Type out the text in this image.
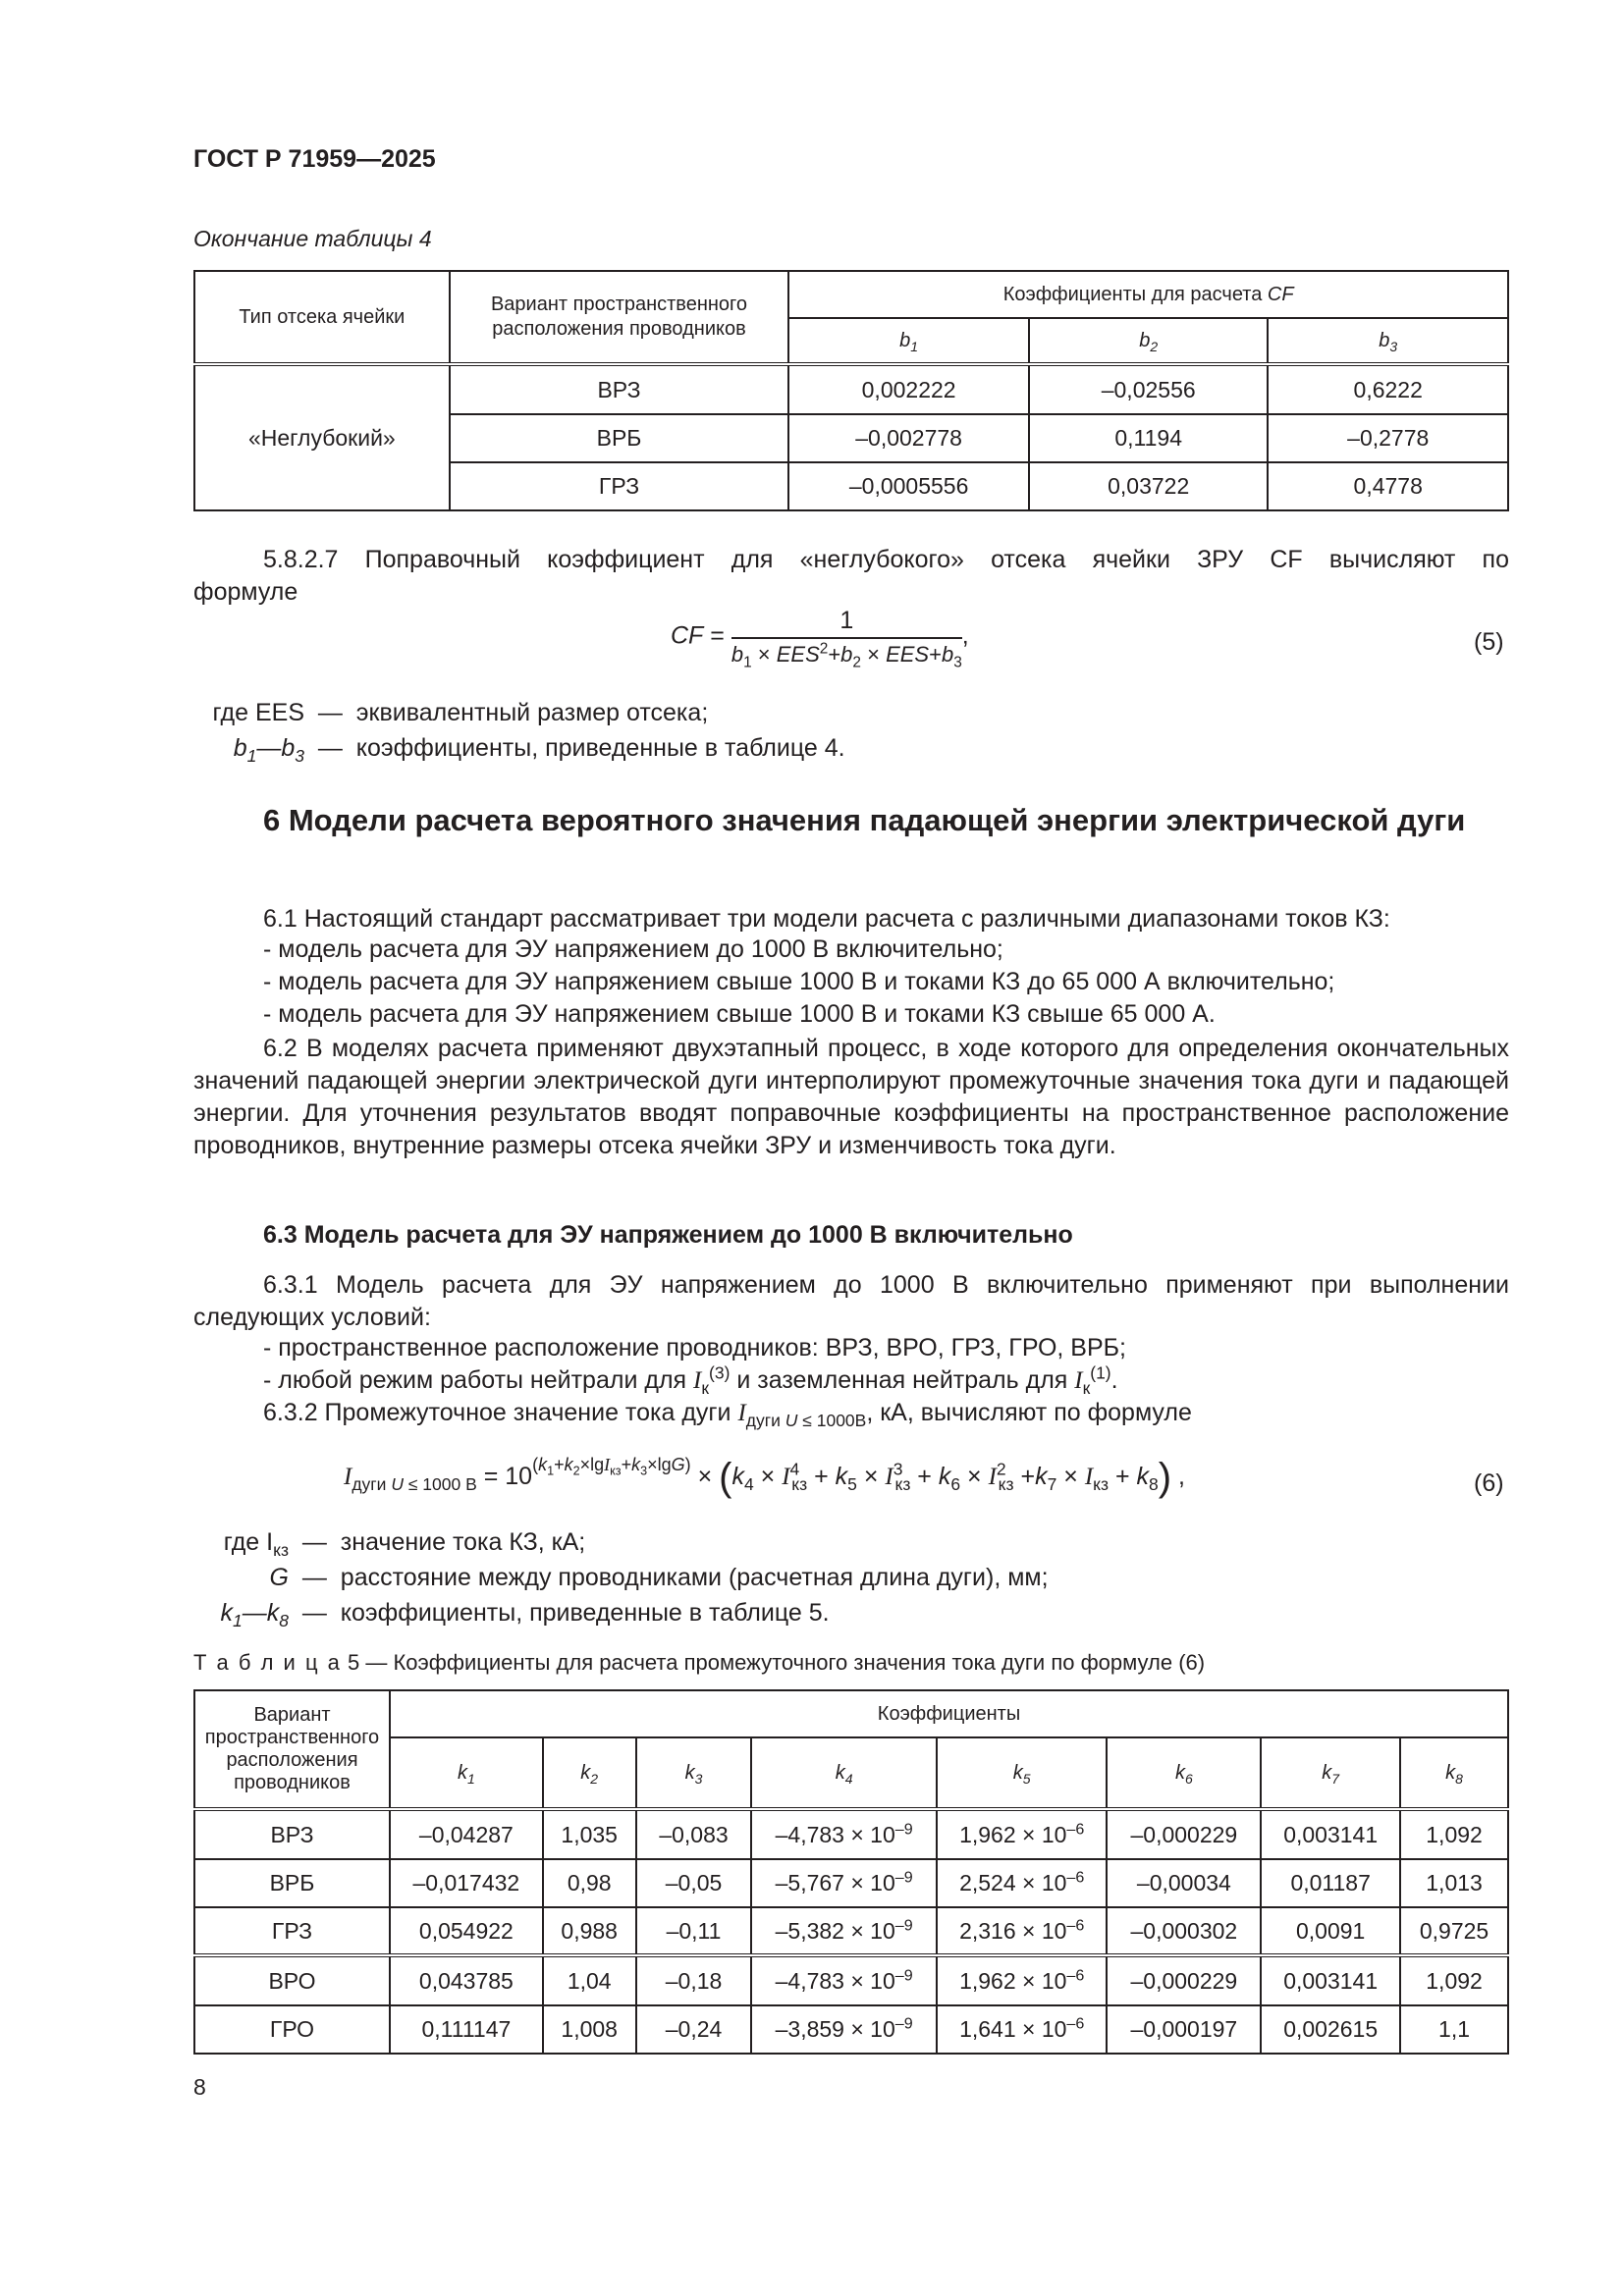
ГОСТ Р 71959—2025
Окончание таблицы 4
Тип отсека ячейки	Вариант пространственного расположения проводников	Коэффициенты для расчета CF		
		$b_1$	$b_2$	$b_3$
«Неглубокий»	ВРЗ	0,002222	–0,02556	0,6222
	ВРБ	–0,002778	0,1194	–0,2778
	ГРЗ	–0,0005556	0,03722	0,4778
5.8.2.7 Поправочный коэффициент для «неглубокого» отсека ячейки ЗРУ CF вычисляют по
формуле
CF = $\frac{1}{b_1 \times EES^2+b_2 \times EES+b_3}$ ,	(5)
где EES  —  эквивалентный размер отсека;
$b_1—b_3$  —  коэффициенты, приведенные в таблице 4.
6 Модели расчета вероятного значения падающей энергии электрической дуги
6.1 Настоящий стандарт рассматривает три модели расчета с различными диапазонами токов КЗ:
- модель расчета для ЭУ напряжением до 1000 В включительно;
- модель расчета для ЭУ напряжением свыше 1000 В и токами КЗ до 65 000 А включительно;
- модель расчета для ЭУ напряжением свыше 1000 В и токами КЗ свыше 65 000 А.
6.2 В моделях расчета применяют двухэтапный процесс, в ходе которого для определения окончательных значений падающей энергии электрической дуги интерполируют промежуточные значения тока дуги и падающей энергии. Для уточнения результатов вводят поправочные коэффициенты на пространственное расположение проводников, внутренние размеры отсека ячейки ЗРУ и изменчивость тока дуги.
6.3 Модель расчета для ЭУ напряжением до 1000 В включительно
6.3.1 Модель расчета для ЭУ напряжением до 1000 В включительно применяют при выполнении следующих условий:
- пространственное расположение проводников: ВРЗ, ВРО, ГРЗ, ГРО, ВРБ;
- любой режим работы нейтрали для $I_к^{(3)}$ и заземленная нейтраль для $I_к^{(1)}$.
6.3.2 Промежуточное значение тока дуги $I_{дуги U \le 1000В}$, кА, вычисляют по формуле
$I_{дуги U \le 1000 В} = 10^{(k_1+k_2\times lgI_{кз}+k_3\times lgG)} \times (k_4 \times I^4_{кз} + k_5 \times I^3_{кз} + k_6 \times I^2_{кз} +k_7 \times I_{кз} + k_8)$ ,	(6)
где $I_{кз}$  —  значение тока КЗ, кА;
G  —  расстояние между проводниками (расчетная длина дуги), мм;
$k_1—k_8$  —  коэффициенты, приведенные в таблице 5.
Т а б л и ц а 5 — Коэффициенты для расчета промежуточного значения тока дуги по формуле (6)
Вариант пространственного расположения проводников	Коэффициенты							
	$k_1$	$k_2$	$k_3$	$k_4$	$k_5$	$k_6$	$k_7$	$k_8$
ВРЗ	–0,04287	1,035	–0,083	$-4,783 \times 10^{-9}$	$1,962 \times 10^{-6}$	–0,000229	0,003141	1,092
ВРБ	–0,017432	0,98	–0,05	$-5,767 \times 10^{-9}$	$2,524 \times 10^{-6}$	–0,00034	0,01187	1,013
ГРЗ	0,054922	0,988	–0,11	$-5,382 \times 10^{-9}$	$2,316 \times 10^{-6}$	–0,000302	0,0091	0,9725
ВРО	0,043785	1,04	–0,18	$-4,783 \times 10^{-9}$	$1,962 \times 10^{-6}$	–0,000229	0,003141	1,092
ГРО	0,111147	1,008	–0,24	$-3,859 \times 10^{-9}$	$1,641 \times 10^{-6}$	–0,000197	0,002615	1,1
8
